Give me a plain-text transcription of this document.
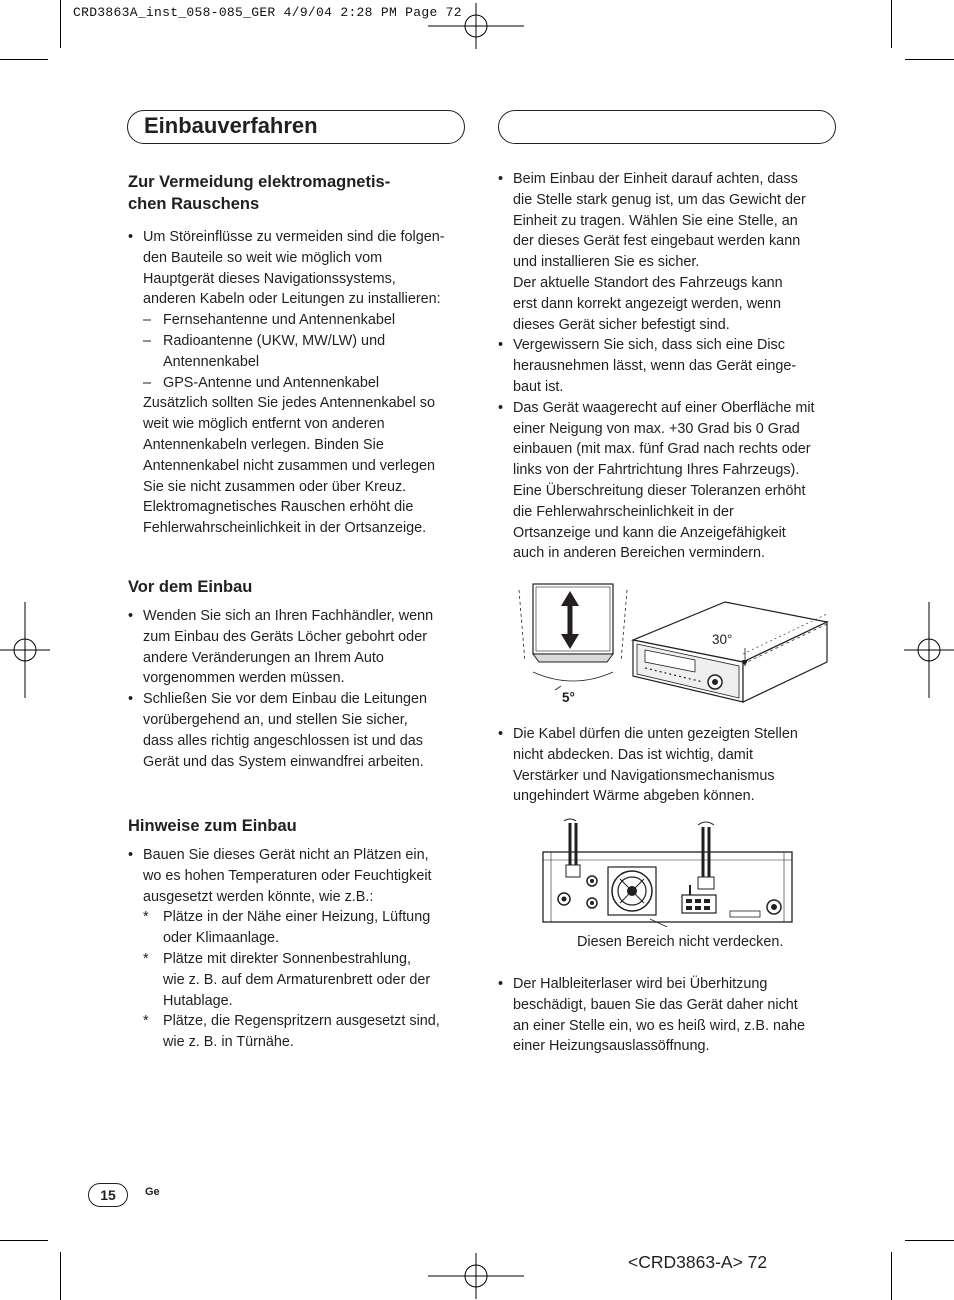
CRD3863A_inst_058-085_GER 4/9/04 2:28 PM Page 72
Einbauverfahren
Zur Vermeidung elektromagnetis-
chen Rauschens
• Um Störeinflüsse zu vermeiden sind die folgen-
den Bauteile so weit wie möglich vom
Hauptgerät dieses Navigationssystems,
anderen Kabeln oder Leitungen zu installieren:
– Fernsehantenne und Antennenkabel
– Radioantenne (UKW, MW/LW) und
Antennenkabel
– GPS-Antenne und Antennenkabel
Zusätzlich sollten Sie jedes Antennenkabel so
weit wie möglich entfernt von anderen
Antennenkabeln verlegen. Binden Sie
Antennenkabel nicht zusammen und verlegen
Sie sie nicht zusammen oder über Kreuz.
Elektromagnetisches Rauschen erhöht die
Fehlerwahrscheinlichkeit in der Ortsanzeige.
Vor dem Einbau
• Wenden Sie sich an Ihren Fachhändler, wenn
zum Einbau des Geräts Löcher gebohrt oder
andere Veränderungen an Ihrem Auto
vorgenommen werden müssen.
• Schließen Sie vor dem Einbau die Leitungen
vorübergehend an, und stellen Sie sicher,
dass alles richtig angeschlossen ist und das
Gerät und das System einwandfrei arbeiten.
Hinweise zum Einbau
• Bauen Sie dieses Gerät nicht an Plätzen ein,
wo es hohen Temperaturen oder Feuchtigkeit
ausgesetzt werden könnte, wie z.B.:
* Plätze in der Nähe einer Heizung, Lüftung
oder Klimaanlage.
* Plätze mit direkter Sonnenbestrahlung,
wie z. B. auf dem Armaturenbrett oder der
Hutablage.
* Plätze, die Regenspritzern ausgesetzt sind,
wie z. B. in Türnähe.
• Beim Einbau der Einheit darauf achten, dass
die Stelle stark genug ist, um das Gewicht der
Einheit zu tragen. Wählen Sie eine Stelle, an
der dieses Gerät fest eingebaut werden kann
und installieren Sie es sicher.
Der aktuelle Standort des Fahrzeugs kann
erst dann korrekt angezeigt werden, wenn
dieses Gerät sicher befestigt sind.
• Vergewissern Sie sich, dass sich eine Disc
herausnehmen lässt, wenn das Gerät einge-
baut ist.
• Das Gerät waagerecht auf einer Oberfläche mit
einer Neigung von max. +30 Grad bis 0 Grad
einbauen (mit max. fünf Grad nach rechts oder
links von der Fahrtrichtung Ihres Fahrzeugs).
Eine Überschreitung dieser Toleranzen erhöht
die Fehlerwahrscheinlichkeit in der
Ortsanzeige und kann die Anzeigefähigkeit
auch in anderen Bereichen vermindern.
30°
5°
• Die Kabel dürfen die unten gezeigten Stellen
nicht abdecken. Das ist wichtig, damit
Verstärker und Navigationsmechanismus
ungehindert Wärme abgeben können.
Diesen Bereich nicht verdecken.
• Der Halbleiterlaser wird bei Überhitzung
beschädigt, bauen Sie das Gerät daher nicht
an einer Stelle ein, wo es heiß wird, z.B. nahe
einer Heizungsauslassöffnung.
15	Ge
<CRD3863-A> 72
